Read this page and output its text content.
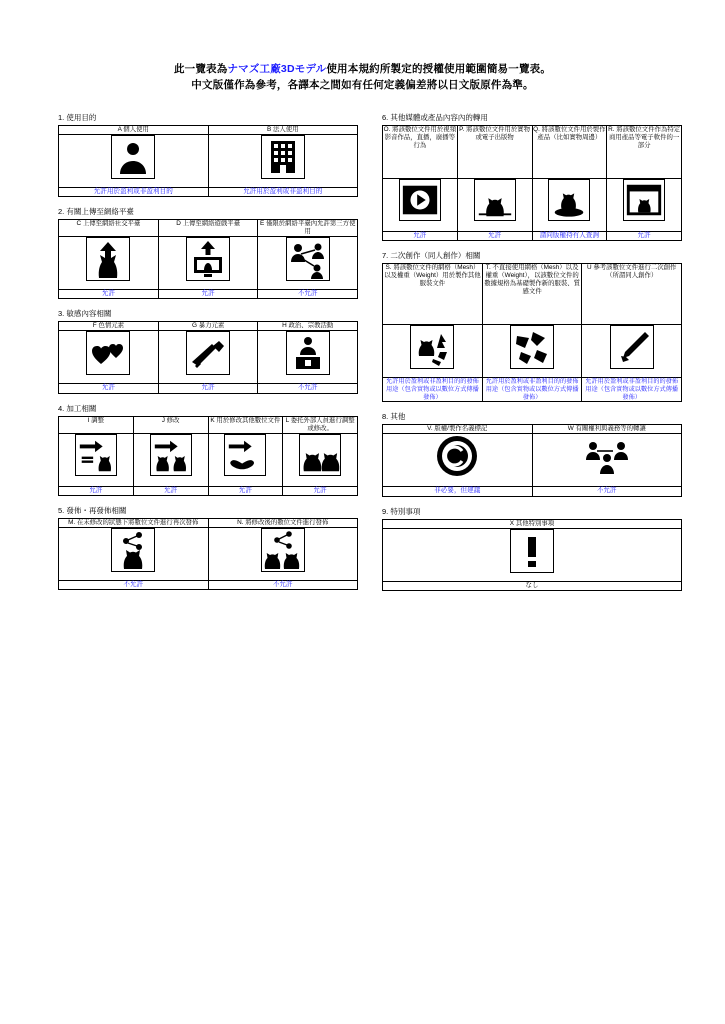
此一覽表為ナマズ工廠3Dモデル使用本規約所製定的授權使用範圍簡易一覽表。
中文版僅作為參考，各譯本之間如有任何定義偏差將以日文版原件為準。
1. 使用目的
A 個人使用	B 法人使用

允許用於盈利或非盈利目的	允許用於盈利或非盈利目的
2. 有關上傳至網絡平臺
C 上傳至網絡社交平臺	D 上傳至網絡遊戲平臺	E 僅限於網絡平臺內允許第三方使用

允許	允許	不允許
3. 敏感內容相關
F 色情元素	G 暴力元素	H 政治、宗教活動

允許	允許	不允許
4. 加工相關
I 調整	J 修改	K 用於修改其他數位文件	L 委托外部人員進行調整或修改。

允許	允許	允許	允許
5. 發佈・再發佈相關
M. 在未修改的狀態下將數位文件進行再次發佈	N. 將修改後的數位文件進行發佈

不允許	不允許
6. 其他媒體或產品內容內的轉用
O. 將該數位文件用於視頻影音作品，直播，廣播等行為	P. 將該數位文件用於實物或電子出版物	Q. 將該數位文件用於製作產品（比如實物周邊）	R. 將該數位文件作為特定商用產品等電子軟件的一部分

允許	允許	請向版權持有人查詢	允許
7. 二次創作（同人創作）相關
S. 將該數位文件的網格（Mesh）以及權重（Weight）用於製作其他服裝文件	T. 不直接使用網格（Mesh）以及權重（Weight），以該數位文件的數據規格為基礎製作新的服裝、質感文件	U 參考該數位文件進行二次創作（所謂同人創作）

允許用於盈利或非盈利目的的發佈用途（包含實物或以數位方式傳播發佈）	允許用於盈利或非盈利目的的發佈用途（包含實物或以數位方式傳播發佈）	允許用於盈利或非盈利目的的發佈用途（包含實物或以數位方式傳播發佈）
8. 其他
V. 版權/製作名義標記	W 有關權利與義務等的轉讓

非必要，但建議	不允許
9. 特別事項
X 其他特別事項

なし
